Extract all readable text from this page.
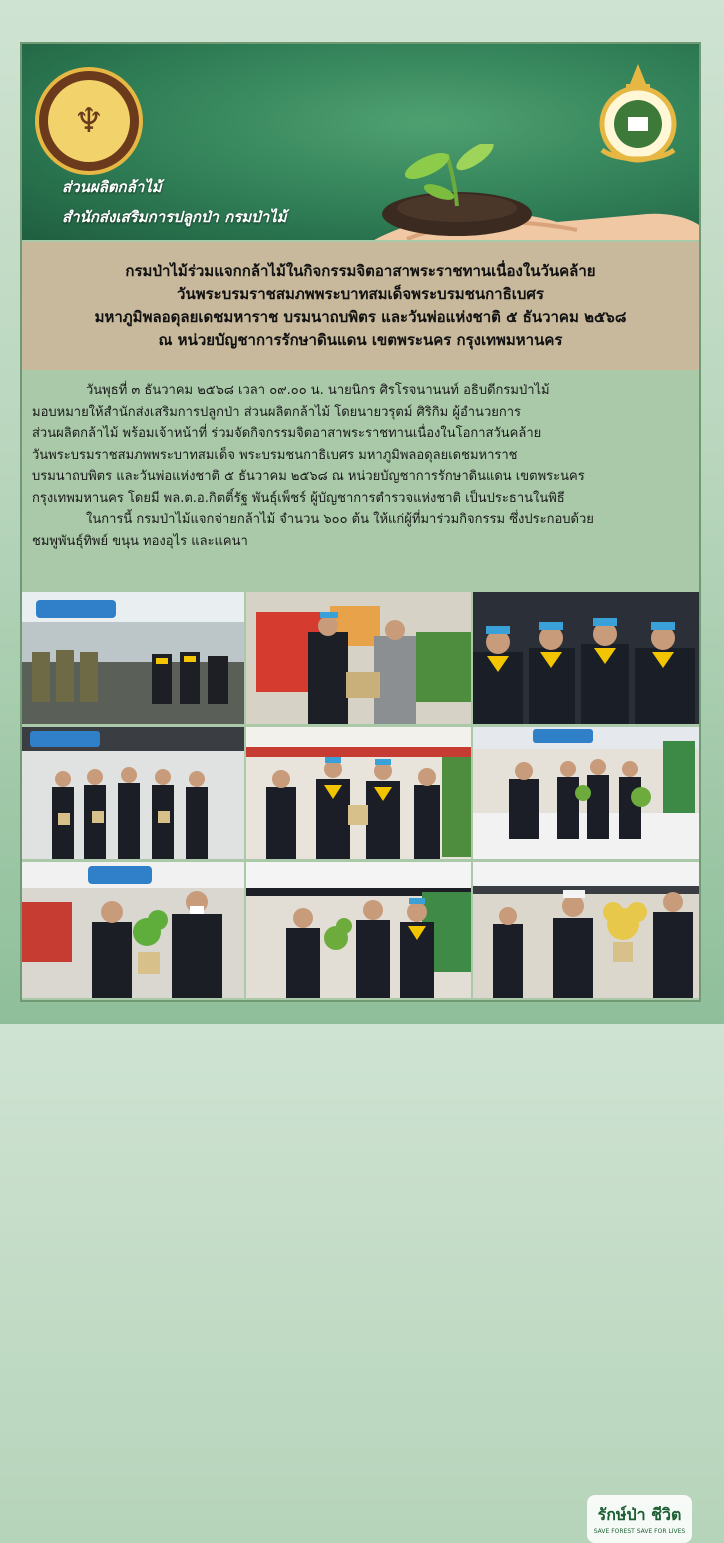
♆
ส่วนผลิตกล้าไม้
สำนักส่งเสริมการปลูกป่า กรมป่าไม้
กรมป่าไม้ร่วมแจกกล้าไม้ในกิจกรรมจิตอาสาพระราชทานเนื่องในวันคล้าย
วันพระบรมราชสมภพพระบาทสมเด็จพระบรมชนกาธิเบศร
มหาภูมิพลอดุลยเดชมหาราช บรมนาถบพิตร และวันพ่อแห่งชาติ ๕ ธันวาคม ๒๕๖๘
ณ หน่วยบัญชาการรักษาดินแดน เขตพระนคร กรุงเทพมหานคร

วันพุธที่ ๓ ธันวาคม ๒๕๖๘ เวลา ๐๙.๐๐ น. นายนิกร ศิรโรจนานนท์ อธิบดีกรมป่าไม้

มอบหมายให้สำนักส่งเสริมการปลูกป่า ส่วนผลิตกล้าไม้ โดยนายวรุตม์ ศิริกิม ผู้อำนวยการ

ส่วนผลิตกล้าไม้ พร้อมเจ้าหน้าที่ ร่วมจัดกิจกรรมจิตอาสาพระราชทานเนื่องในโอกาสวันคล้าย

วันพระบรมราชสมภพพระบาทสมเด็จ พระบรมชนกาธิเบศร มหาภูมิพลอดุลยเดชมหาราช

บรมนาถบพิตร และวันพ่อแห่งชาติ ๕ ธันวาคม ๒๕๖๘ ณ หน่วยบัญชาการรักษาดินแดน เขตพระนคร

กรุงเทพมหานคร โดยมี พล.ต.อ.กิตติ์รัฐ พันธุ์เพ็ชร์ ผู้บัญชาการตำรวจแห่งชาติ เป็นประธานในพิธี

ในการนี้ กรมป่าไม้แจกจ่ายกล้าไม้ จำนวน ๖๐๐ ต้น ให้แก่ผู้ที่มาร่วมกิจกรรม ซึ่งประกอบด้วย

ชมพูพันธุ์ทิพย์ ขนุน ทองอุไร และแคนา

รักษ์ป่า ชีวิต
SAVE FOREST SAVE FOR LIVES
